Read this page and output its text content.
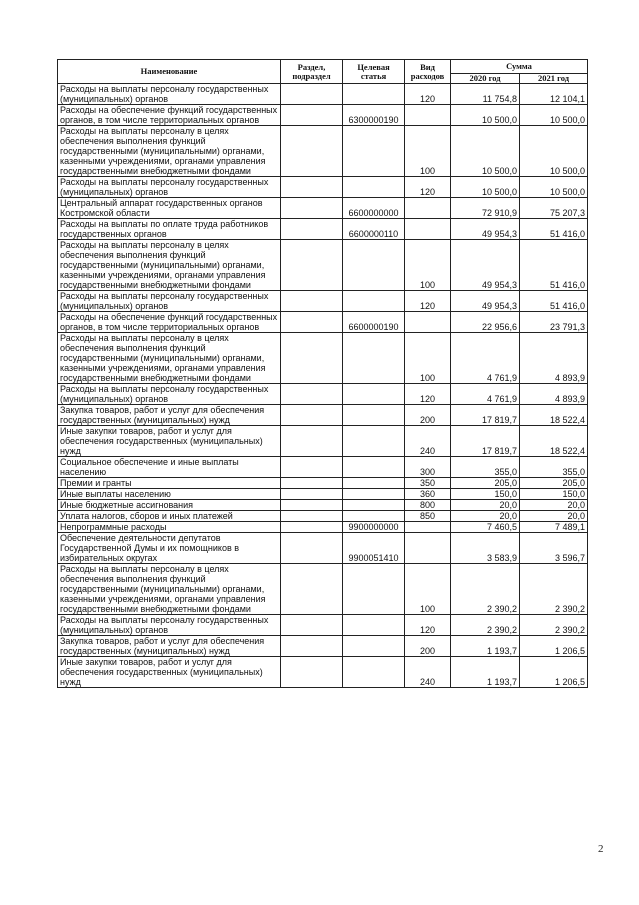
Наименование	Раздел, подраздел	Целевая статья	Вид расходов	Сумма	
				2020 год	2021 год
Расходы на выплаты персоналу государственных (муниципальных) органов			120	11 754,8	12 104,1
Расходы на обеспечение функций государственных органов, в том числе территориальных органов		6300000190		10 500,0	10 500,0
Расходы на выплаты персоналу в целях обеспечения выполнения функций государственными (муниципальными) органами, казенными учреждениями, органами управления государственными внебюджетными фондами			100	10 500,0	10 500,0
Расходы на выплаты персоналу государственных (муниципальных) органов			120	10 500,0	10 500,0
Центральный аппарат государственных органов Костромской области		6600000000		72 910,9	75 207,3
Расходы на выплаты по оплате труда работников государственных органов		6600000110		49 954,3	51 416,0
Расходы на выплаты персоналу в целях обеспечения выполнения функций государственными (муниципальными) органами, казенными учреждениями, органами управления государственными внебюджетными фондами			100	49 954,3	51 416,0
Расходы на выплаты персоналу государственных (муниципальных) органов			120	49 954,3	51 416,0
Расходы на обеспечение функций государственных органов, в том числе территориальных органов		6600000190		22 956,6	23 791,3
Расходы на выплаты персоналу в целях обеспечения выполнения функций государственными (муниципальными) органами, казенными учреждениями, органами управления государственными внебюджетными фондами			100	4 761,9	4 893,9
Расходы на выплаты персоналу государственных (муниципальных) органов			120	4 761,9	4 893,9
Закупка товаров, работ и услуг для обеспечения государственных (муниципальных) нужд			200	17 819,7	18 522,4
Иные закупки товаров, работ и услуг для обеспечения государственных (муниципальных) нужд			240	17 819,7	18 522,4
Социальное обеспечение и иные выплаты населению			300	355,0	355,0
Премии и гранты			350	205,0	205,0
Иные выплаты населению			360	150,0	150,0
Иные бюджетные ассигнования			800	20,0	20,0
Уплата налогов, сборов и иных платежей			850	20,0	20,0
Непрограммные расходы		9900000000		7 460,5	7 489,1
Обеспечение деятельности депутатов Государственной Думы и их помощников в избирательных округах		9900051410		3 583,9	3 596,7
Расходы на выплаты персоналу в целях обеспечения выполнения функций государственными (муниципальными) органами, казенными учреждениями, органами управления государственными внебюджетными фондами			100	2 390,2	2 390,2
Расходы на выплаты персоналу государственных (муниципальных) органов			120	2 390,2	2 390,2
Закупка товаров, работ и услуг для обеспечения государственных (муниципальных) нужд			200	1 193,7	1 206,5
Иные закупки товаров, работ и услуг для обеспечения государственных (муниципальных) нужд			240	1 193,7	1 206,5
2
